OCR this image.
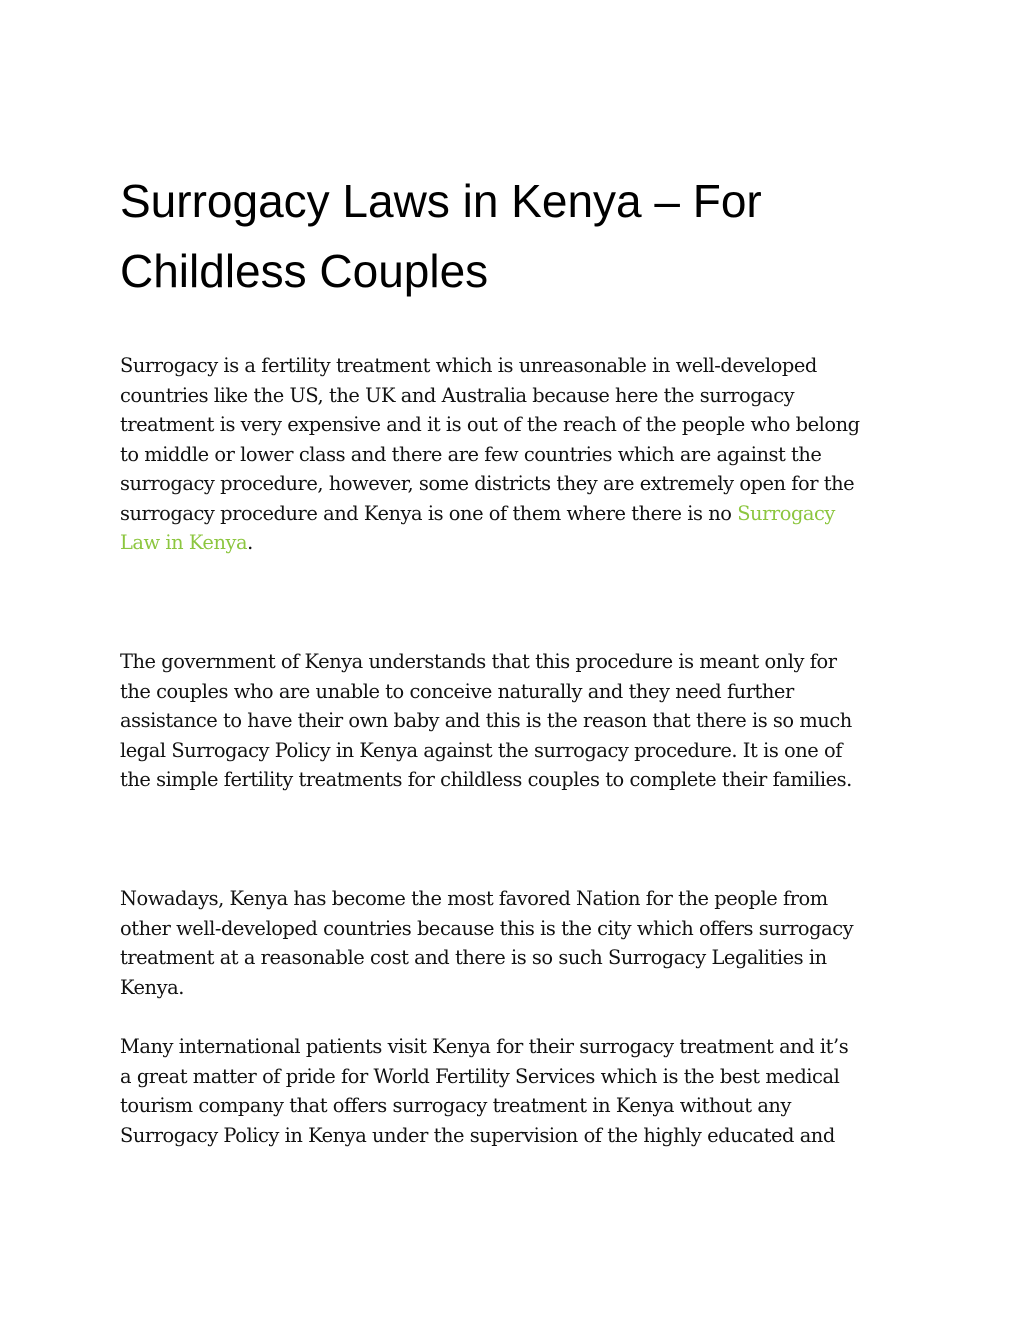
Surrogacy Laws in Kenya – For
Childless Couples

Surrogacy is a fertility treatment which is unreasonable in well-developed
countries like the US, the UK and Australia because here the surrogacy
treatment is very expensive and it is out of the reach of the people who belong
to middle or lower class and there are few countries which are against the
surrogacy procedure, however, some districts they are extremely open for the
surrogacy procedure and Kenya is one of them where there is no Surrogacy
Law in Kenya.

The government of Kenya understands that this procedure is meant only for
the couples who are unable to conceive naturally and they need further
assistance to have their own baby and this is the reason that there is so much
legal Surrogacy Policy in Kenya against the surrogacy procedure. It is one of
the simple fertility treatments for childless couples to complete their families.

Nowadays, Kenya has become the most favored Nation for the people from
other well-developed countries because this is the city which offers surrogacy
treatment at a reasonable cost and there is so such Surrogacy Legalities in
Kenya.

Many international patients visit Kenya for their surrogacy treatment and it’s
a great matter of pride for World Fertility Services which is the best medical
tourism company that offers surrogacy treatment in Kenya without any
Surrogacy Policy in Kenya under the supervision of the highly educated and
